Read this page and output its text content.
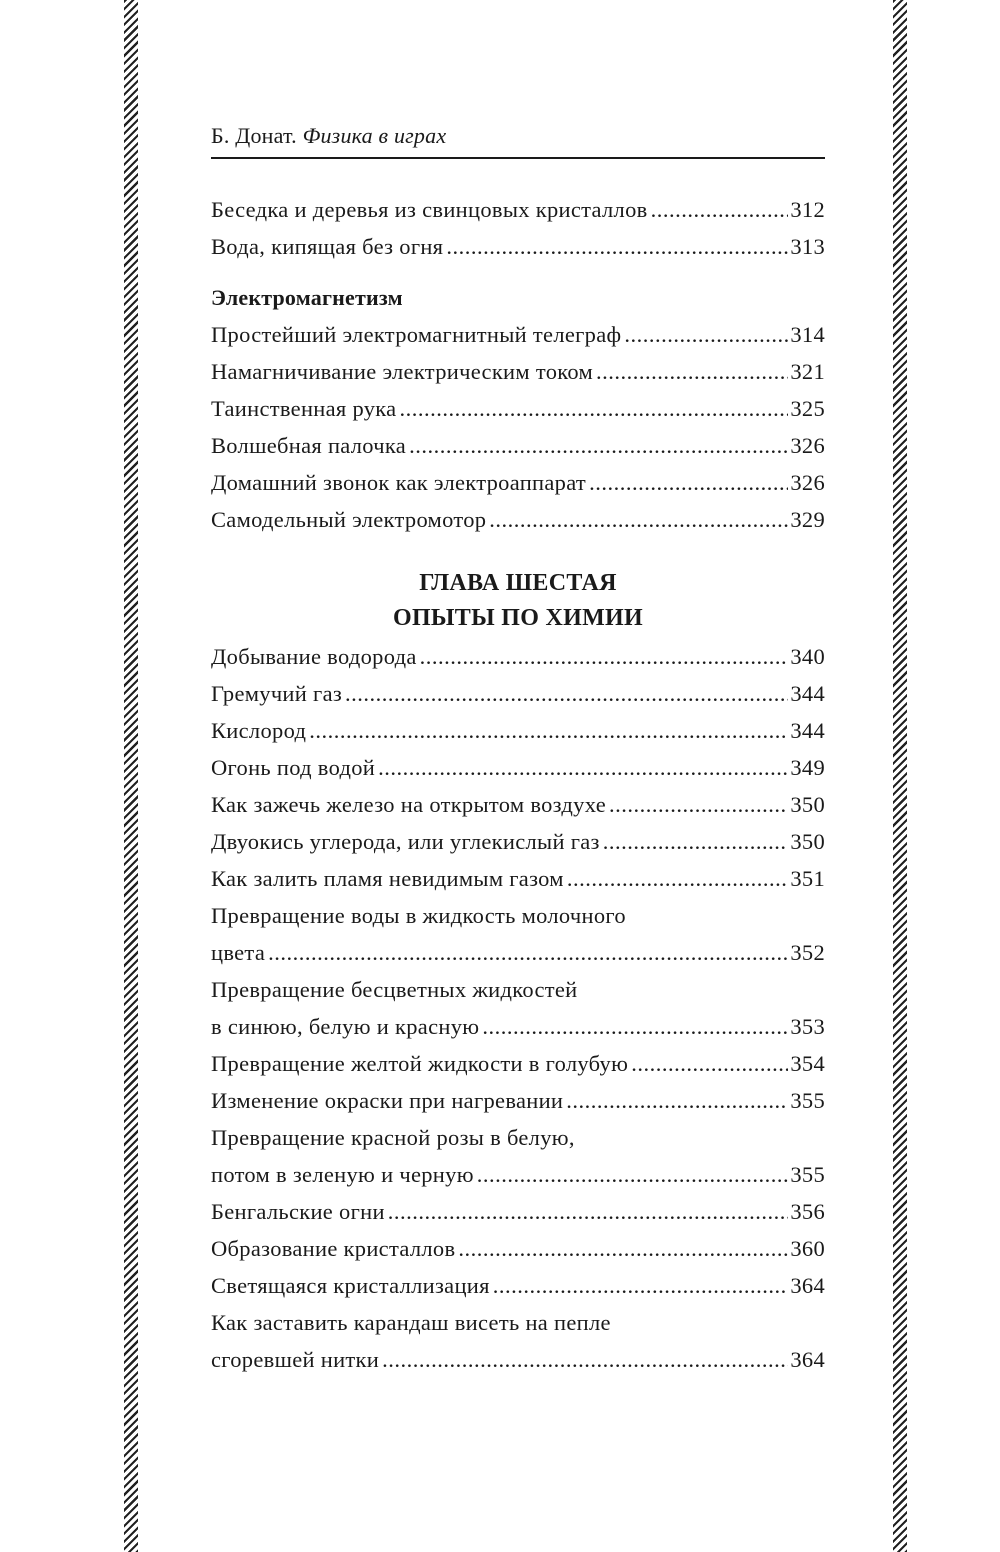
Б. Донат. Физика в играх
Беседка и деревья из свинцовых кристаллов .....	312
Вода, кипящая без огня .....	313
Электромагнетизм
Простейший электромагнитный телеграф .....	314
Намагничивание электрическим током .....	321
Таинственная рука .....	325
Волшебная палочка .....	326
Домашний звонок как электроаппарат .....	326
Самодельный электромотор .....	329
ГЛАВА ШЕСТАЯ
ОПЫТЫ ПО ХИМИИ
Добывание водорода .....	340
Гремучий газ .....	344
Кислород .....	344
Огонь под водой .....	349
Как зажечь железо на открытом воздухе .....	350
Двуокись углерода, или углекислый газ .....	350
Как залить пламя невидимым газом .....	351
Превращение воды в жидкость молочного
цвета .....	352
Превращение бесцветных жидкостей
в синюю, белую и красную .....	353
Превращение желтой жидкости в голубую .....	354
Изменение окраски при нагревании .....	355
Превращение красной розы в белую,
потом в зеленую и черную .....	355
Бенгальские огни .....	356
Образование кристаллов .....	360
Светящаяся кристаллизация .....	364
Как заставить карандаш висеть на пепле
сгоревшей нитки .....	364
